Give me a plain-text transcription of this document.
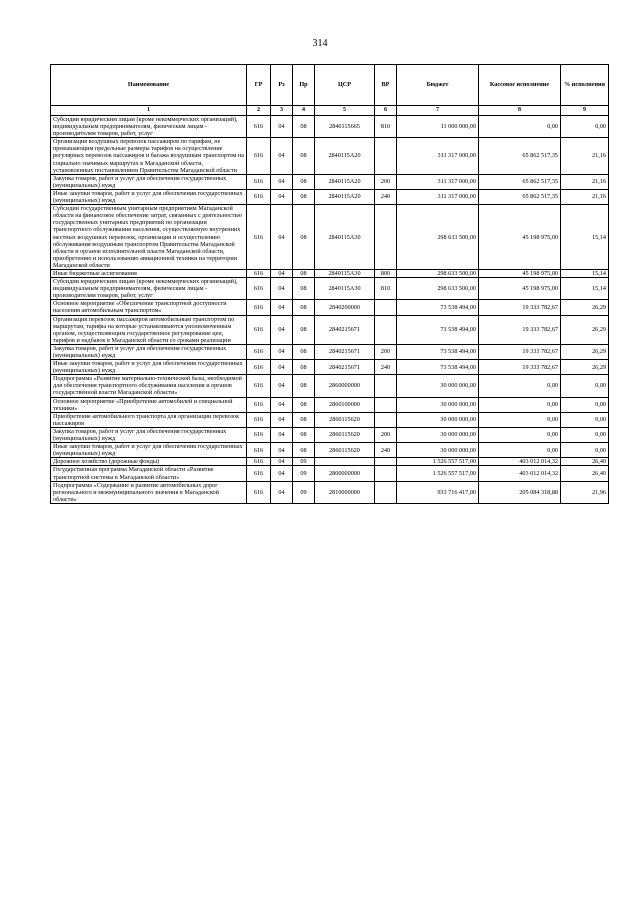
314
Наименование	ГР	Рз	Пр	ЦСР	ВР	Бюджет	Кассовое исполнение	% исполнения
1	2	3	4	5	6	7	8	9
Субсидии юридическим лицам (кроме некоммерческих организаций), индивидуальным предпринимателям, физическим лицам - производителям товаров, работ, услуг	616	04	08	2840115665	810	11 000 000,00	0,00	0,00
Организация воздушных перевозок пассажиров по тарифам, не превышающим предельные размеры тарифов на осуществление регулярных перевозок пассажиров и багажа воздушным транспортом на социально значимых маршрутах в Магаданской области, установленных постановлением Правительства Магаданской области	616	04	08	2840115А20		311 317 000,00	65 862 517,35	21,16
Закупка товаров, работ и услуг для обеспечения государственных (муниципальных) нужд	616	04	08	2840115А20	200	311 317 000,00	65 862 517,35	21,16
Иные закупки товаров, работ и услуг для обеспечения государственных (муниципальных) нужд	616	04	08	2840115А20	240	311 317 000,00	65 862 517,35	21,16
Субсидии государственным унитарным предприятиям Магаданской области на финансовое обеспечение затрат, связанных с деятельностью государственных унитарных предприятий по организации транспортного обслуживания населения, осуществляемую внутренних местных воздушных перевозок, организации и осуществлению обслуживания воздушным транспортом Правительства Магаданской области и органов исполнительной власти Магаданской области, приобретению и использованию авиационной техники на территории Магаданской области	616	04	08	2840115А30		298 633 500,00	45 198 975,00	15,14
Иные бюджетные ассигнования	616	04	08	2840115А30	800	298 633 500,00	45 198 975,00	15,14
Субсидии юридическим лицам (кроме некоммерческих организаций), индивидуальным предпринимателям, физическим лицам - производителям товаров, работ, услуг	616	04	08	2840115А30	810	298 633 500,00	45 198 975,00	15,14
Основное мероприятие «Обеспечение транспортной доступности населения автомобильным транспортом»	616	04	08	2840200000		73 538 494,00	19 333 782,67	26,29
Организация перевозок пассажиров автомобильным транспортом по маршрутам, тарифы на которые устанавливаются уполномоченным органом, осуществляющим государственное регулирование цен, тарифов и надбавок в Магаданской области со сроками реализации	616	04	08	2840215671		73 538 494,00	19 333 782,67	26,29
Закупка товаров, работ и услуг для обеспечения государственных (муниципальных) нужд	616	04	08	2840215671	200	73 538 494,00	19 333 782,67	26,29
Иные закупки товаров, работ и услуг для обеспечения государственных (муниципальных) нужд	616	04	08	2840215671	240	73 538 494,00	19 333 782,67	26,29
Подпрограмма «Развитие материально-технической базы, необходимой для обеспечения транспортного обслуживания населения и органов государственной власти Магаданской области»	616	04	08	2860000000		30 000 000,00	0,00	0,00
Основное мероприятие «Приобретение автомобилей и специальной техники»	616	04	08	2860100000		30 000 000,00	0,00	0,00
Приобретение автомобильного транспорта для организации перевозок пассажиров	616	04	08	2860115620		30 000 000,00	0,00	0,00
Закупка товаров, работ и услуг для обеспечения государственных (муниципальных) нужд	616	04	08	2860115620	200	30 000 000,00	0,00	0,00
Иные закупки товаров, работ и услуг для обеспечения государственных (муниципальных) нужд	616	04	08	2860115620	240	30 000 000,00	0,00	0,00
Дорожное хозяйство (дорожные фонды)	616	04	09			1 526 557 517,00	403 012 014,32	26,40
Государственная программа Магаданской области «Развитие транспортной системы в Магаданской области»	616	04	09	2800000000		1 526 557 517,00	403 012 014,32	26,40
Подпрограмма «Содержание и развитие автомобильных дорог регионального и межмуниципального значения в Магаданской области»	616	04	09	2810000000		933 716 417,00	205 084 318,88	21,96
